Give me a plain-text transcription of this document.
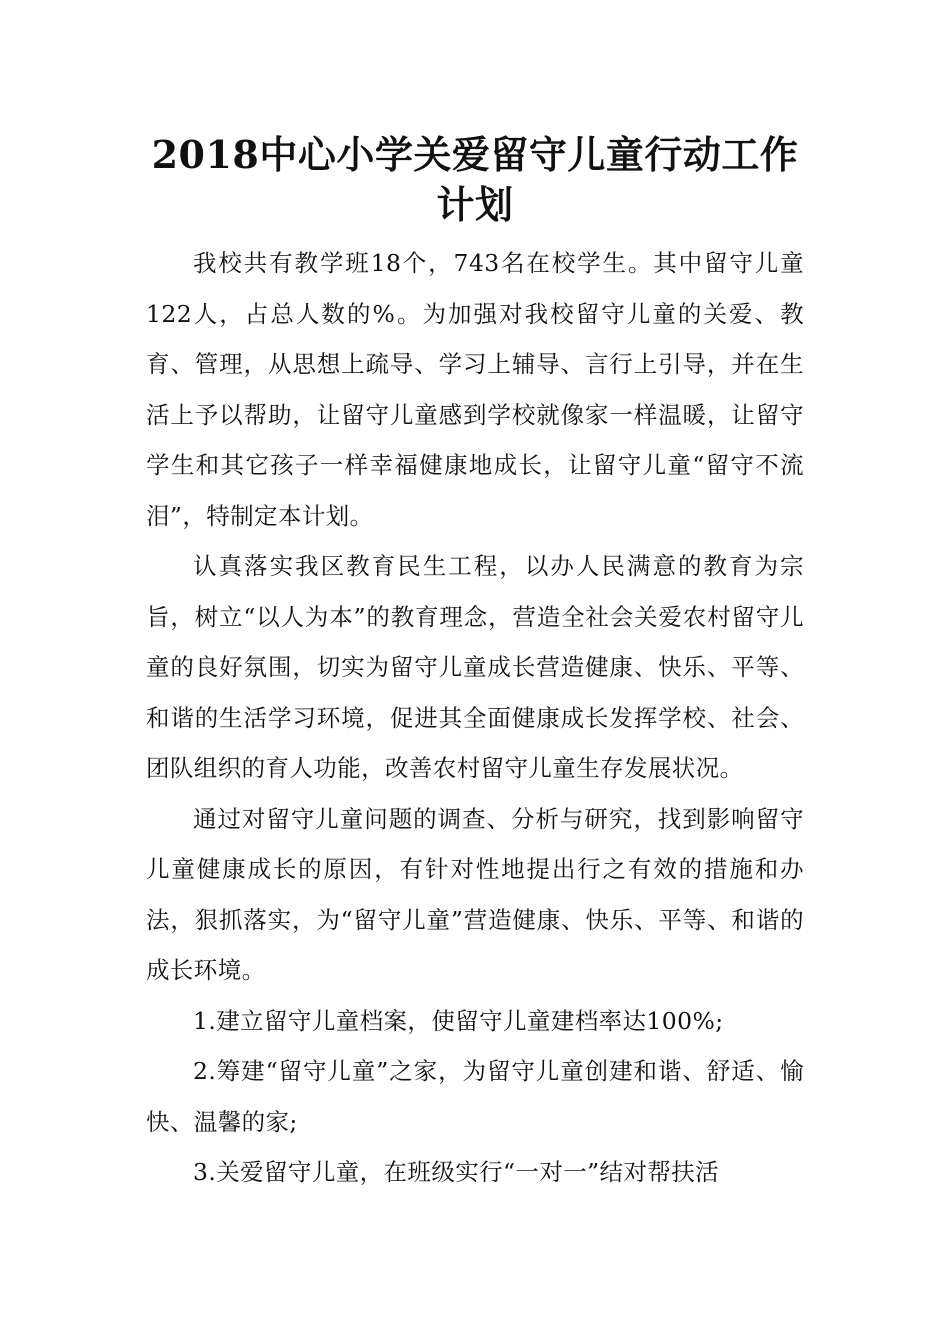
2018中心小学关爱留守儿童行动工作计划

我校共有教学班18个，743名在校学生。其中留守儿童122人，占总人数的%。为加强对我校留守儿童的关爱、教育、管理，从思想上疏导、学习上辅导、言行上引导，并在生活上予以帮助，让留守儿童感到学校就像家一样温暖，让留守学生和其它孩子一样幸福健康地成长，让留守儿童“留守不流泪”，特制定本计划。

认真落实我区教育民生工程，以办人民满意的教育为宗旨，树立“以人为本”的教育理念，营造全社会关爱农村留守儿童的良好氛围，切实为留守儿童成长营造健康、快乐、平等、和谐的生活学习环境，促进其全面健康成长发挥学校、社会、团队组织的育人功能，改善农村留守儿童生存发展状况。

通过对留守儿童问题的调查、分析与研究，找到影响留守儿童健康成长的原因，有针对性地提出行之有效的措施和办法，狠抓落实，为“留守儿童”营造健康、快乐、平等、和谐的成长环境。

1.建立留守儿童档案，使留守儿童建档率达100%;

2.筹建“留守儿童”之家，为留守儿童创建和谐、舒适、愉快、温馨的家;

3.关爱留守儿童，在班级实行“一对一”结对帮扶活
